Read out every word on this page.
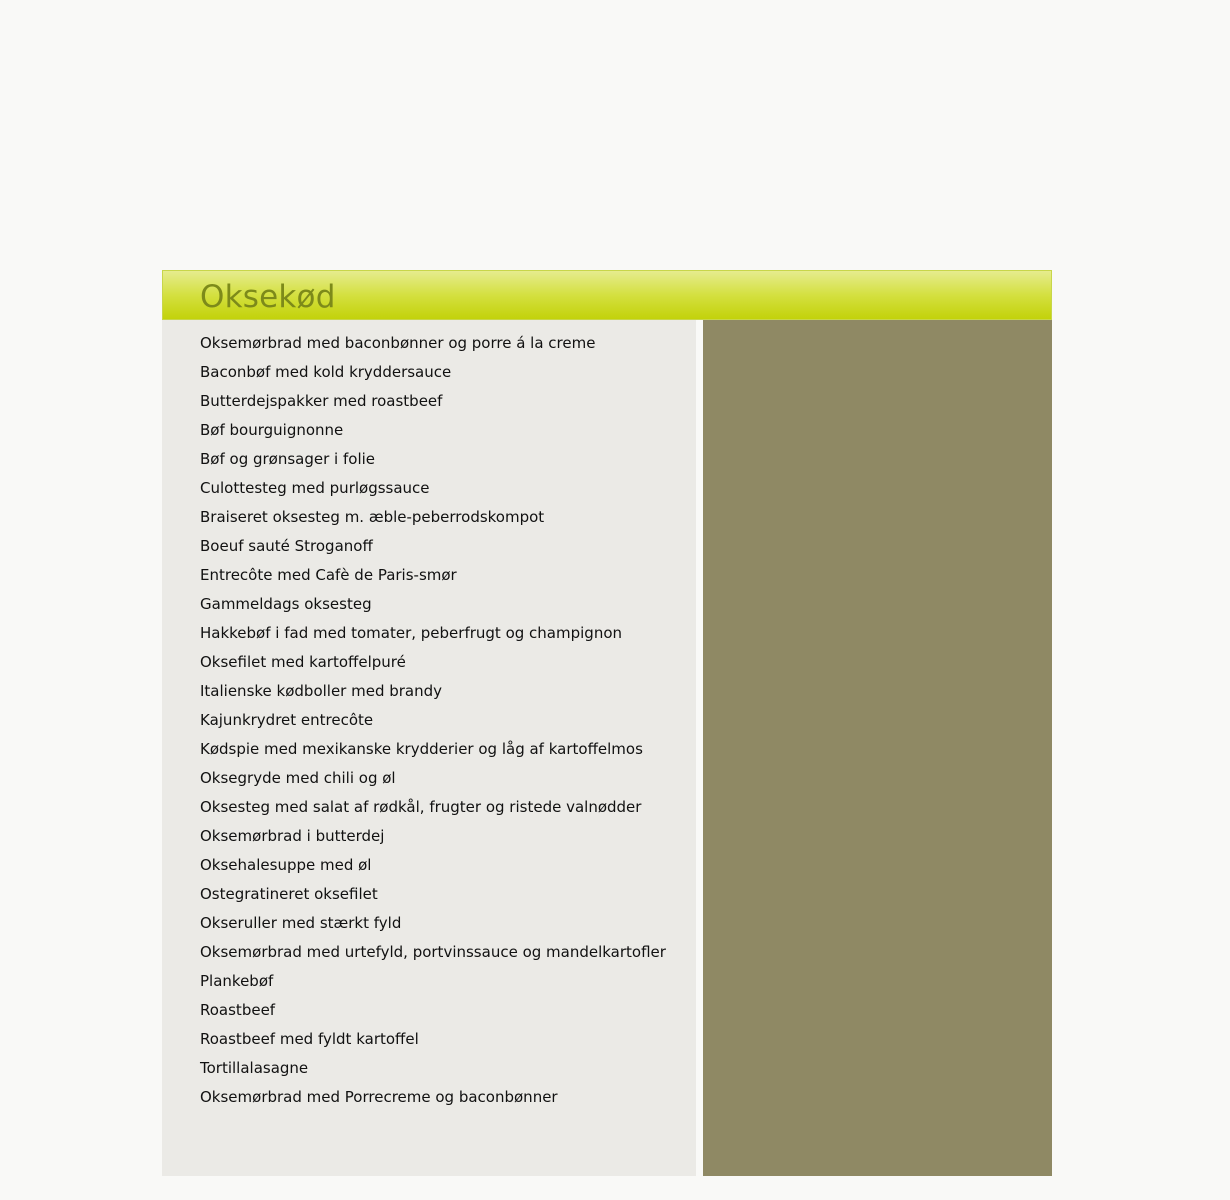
Oksekød
Oksemørbrad med baconbønner og porre á la creme
Baconbøf med kold kryddersauce
Butterdejspakker med roastbeef
Bøf bourguignonne
Bøf og grønsager i folie
Culottesteg med purløgssauce
Braiseret oksesteg m. æble-peberrodskompot
Boeuf sauté Stroganoff
Entrecôte med Cafè de Paris-smør
Gammeldags oksesteg
Hakkebøf i fad med tomater, peberfrugt og champignon
Oksefilet med kartoffelpuré
Italienske kødboller med brandy
Kajunkrydret entrecôte
Kødspie med mexikanske krydderier og låg af kartoffelmos
Oksegryde med chili og øl
Oksesteg med salat af rødkål, frugter og ristede valnødder
Oksemørbrad i butterdej
Oksehalesuppe med øl
Ostegratineret oksefilet
Okseruller med stærkt fyld
Oksemørbrad med urtefyld, portvinssauce og mandelkartofler
Plankebøf
Roastbeef
Roastbeef med fyldt kartoffel
Tortillalasagne
Oksemørbrad med Porrecreme og baconbønner
